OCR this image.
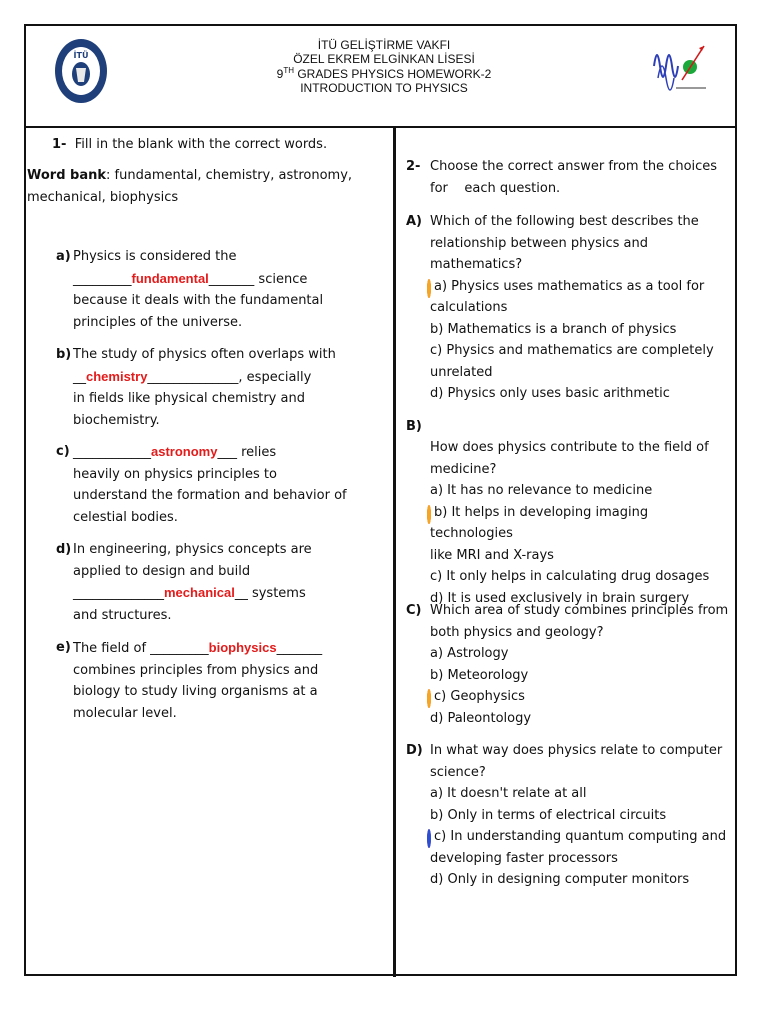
İTÜ
İTÜ GELİŞTİRME VAKFI
ÖZEL EKREM ELGİNKAN LİSESİ
9TH GRADES PHYSICS HOMEWORK-2
INTRODUCTION TO PHYSICS
1- Fill in the blank with the correct words.
Word bank: fundamental, chemistry, astronomy,
mechanical, biophysics
a) Physics is considered the
_________fundamental_______ science
because it deals with the fundamental
principles of the universe.
b) The study of physics often overlaps with
__chemistry______________, especially
in fields like physical chemistry and
biochemistry.
c) ____________astronomy___ relies
heavily on physics principles to
understand the formation and behavior of
celestial bodies.
d) In engineering, physics concepts are
applied to design and build
______________mechanical__ systems
and structures.
e) The field of _________biophysics_______
combines principles from physics and
biology to study living organisms at a
molecular level.
2- Choose the correct answer from the choices
for    each question.
A) Which of the following best describes the
relationship between physics and
mathematics?
a) Physics uses mathematics as a tool for
calculations
b) Mathematics is a branch of physics
c) Physics and mathematics are completely
unrelated
d) Physics only uses basic arithmetic
B)
How does physics contribute to the field of
medicine?
a) It has no relevance to medicine
b) It helps in developing imaging technologies
like MRI and X-rays
c) It only helps in calculating drug dosages
d) It is used exclusively in brain surgery
C) Which area of study combines principles from
both physics and geology?
a) Astrology
b) Meteorology
c) Geophysics
d) Paleontology
D) In what way does physics relate to computer
science?
a) It doesn't relate at all
b) Only in terms of electrical circuits
c) In understanding quantum computing and
developing faster processors
d) Only in designing computer monitors
